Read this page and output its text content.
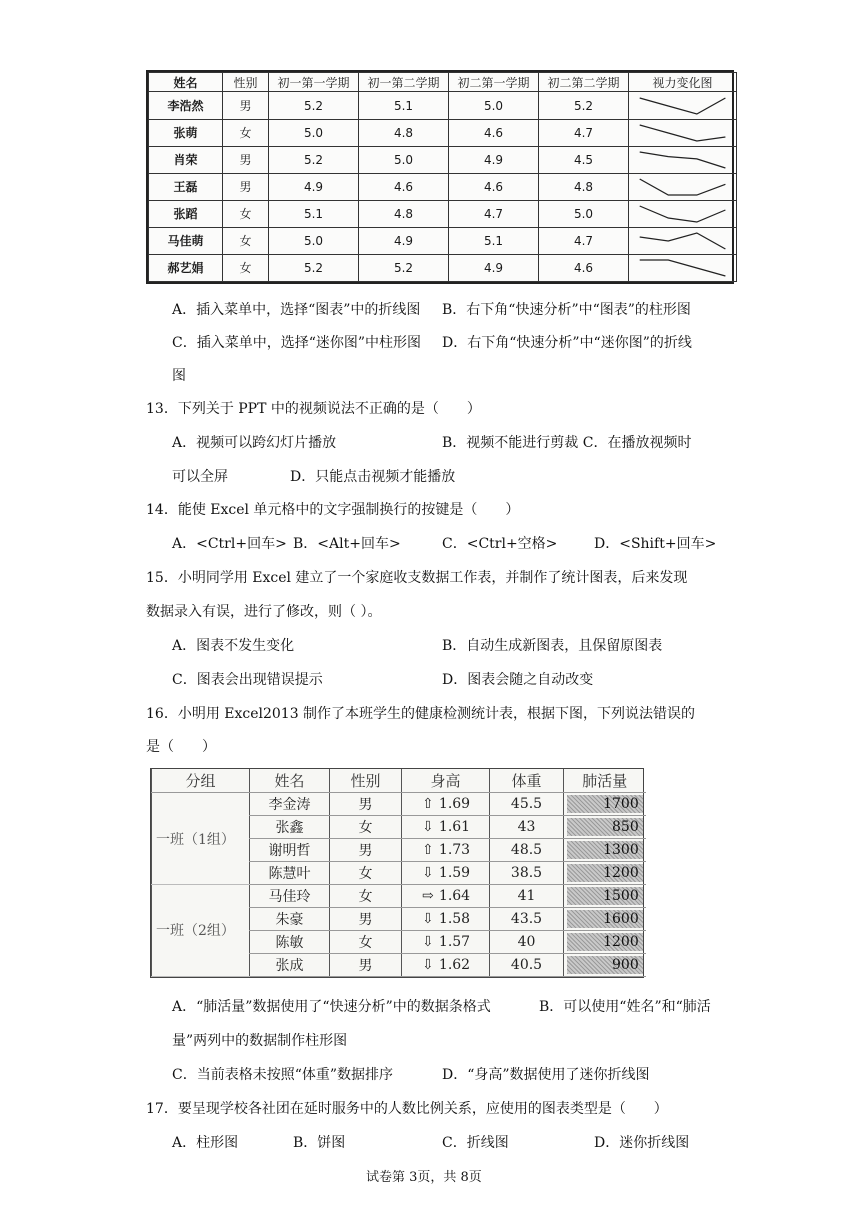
姓名	性别	初一第一学期	初一第二学期	初二第一学期	初二第二学期	视力变化图
李浩然	男	5.2	5.1	5.0	5.2	

张萌	女	5.0	4.8	4.6	4.7	

肖荣	男	5.2	5.0	4.9	4.5	

王磊	男	4.9	4.6	4.6	4.8	

张蹈	女	5.1	4.8	4.7	5.0	

马佳萌	女	5.0	4.9	5.1	4.7	

郝艺娟	女	5.2	5.2	4.9	4.6	
A．插入菜单中，选择“图表”中的折线图 B．右下角“快速分析”中“图表”的柱形图
C．插入菜单中，选择“迷你图”中柱形图 D．右下角“快速分析”中“迷你图”的折线
图
13．下列关于 PPT 中的视频说法不正确的是（　　）
A．视频可以跨幻灯片播放	B．视频不能进行剪裁 C．在播放视频时
可以全屏	D．只能点击视频才能播放
14．能使 Excel 单元格中的文字强制换行的按键是（　　）
A．<Ctrl+回车> B．<Alt+回车>	C．<Ctrl+空格>	D．<Shift+回车>
15．小明同学用 Excel 建立了一个家庭收支数据工作表，并制作了统计图表，后来发现
数据录入有误，进行了修改，则（ ）。
A．图表不发生变化	B．自动生成新图表，且保留原图表
C．图表会出现错误提示	D．图表会随之自动改变
16．小明用 Excel2013 制作了本班学生的健康检测统计表，根据下图，下列说法错误的
是（　　）
分组	姓名	性别	身高	体重	肺活量
一班（1组）	李金涛	男	⇧ 1.69	45.5	1700
	张鑫	女	⇩ 1.61	43	850
	谢明哲	男	⇧ 1.73	48.5	1300
	陈慧叶	女	⇩ 1.59	38.5	1200
一班（2组）	马佳玲	女	⇨ 1.64	41	1500
	朱豪	男	⇩ 1.58	43.5	1600
	陈敏	女	⇩ 1.57	40	1200
	张成	男	⇩ 1.62	40.5	900
A．“肺活量”数据使用了“快速分析”中的数据条格式	B．可以使用“姓名”和“肺活
量”两列中的数据制作柱形图
C．当前表格未按照“体重”数据排序	D．“身高”数据使用了迷你折线图
17．要呈现学校各社团在延时服务中的人数比例关系，应使用的图表类型是（　　）
A．柱形图	B．饼图	C．折线图	D．迷你折线图
试卷第 3页，共 8页
